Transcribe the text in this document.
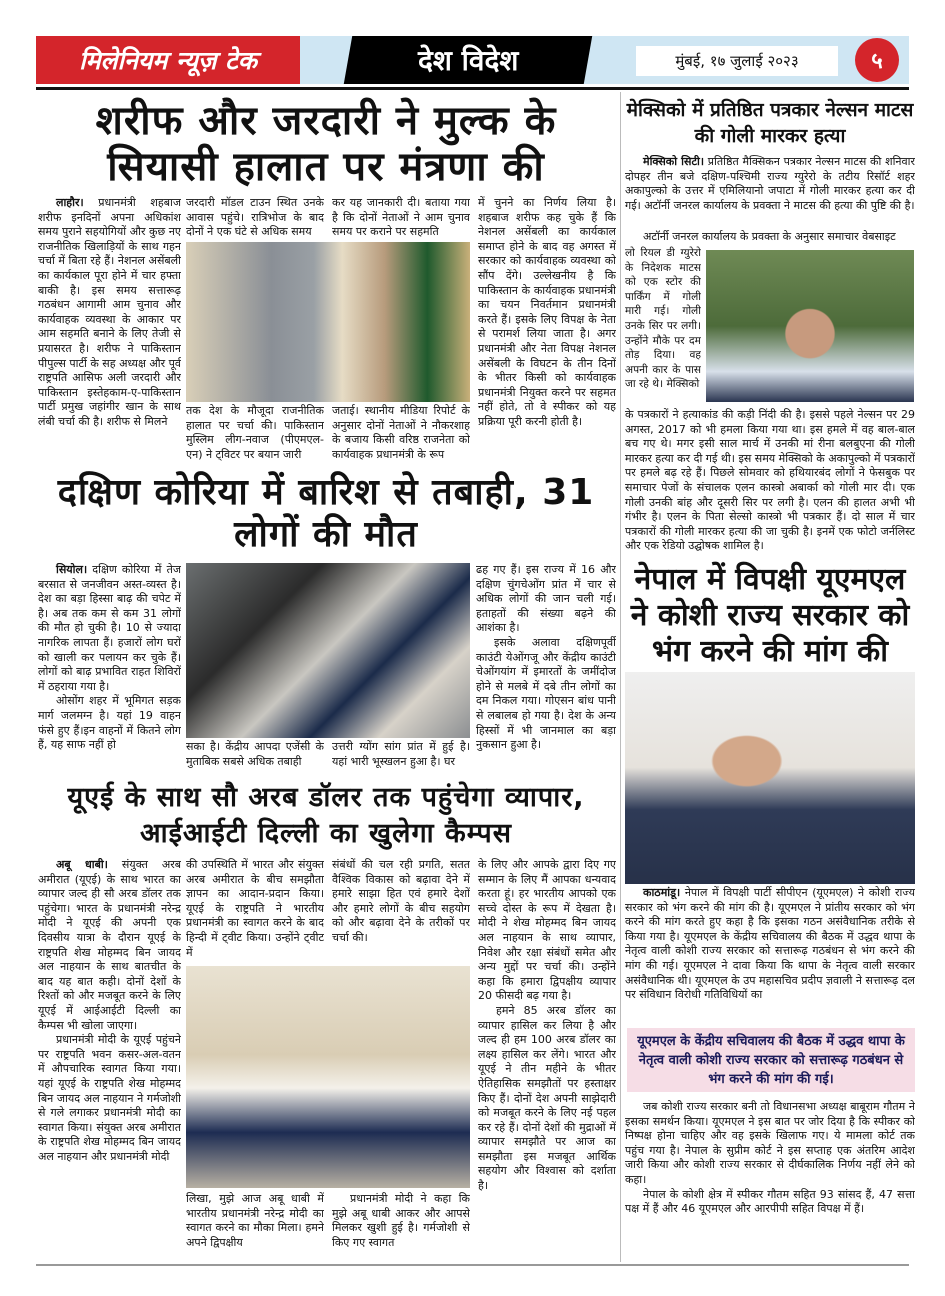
मिलेनियम न्यूज़ टेक	देश विदेश	मुंबई, १७ जुलाई २०२३	५
शरीफ और जरदारी ने मुल्क के सियासी हालात पर मंत्रणा की

लाहौर। प्रधानमंत्री शहबाज शरीफ इनदिनों अपना अधिकांश समय पुराने सहयोगियों और कुछ नए राजनीतिक खिलाड़ियों के साथ गहन चर्चा में बिता रहे हैं। नेशनल असेंबली का कार्यकाल पूरा होने में चार हफ्ता बाकी है। इस समय सत्तारूढ़ गठबंधन आगामी आम चुनाव और कार्यवाहक व्यवस्था के आकार पर आम सहमति बनाने के लिए तेजी से प्रयासरत है। शरीफ ने पाकिस्तान पीपुल्स पार्टी के सह अध्यक्ष और पूर्व राष्ट्रपति आसिफ अली जरदारी और पाकिस्तान इस्तेहकाम-ए-पाकिस्तान पार्टी प्रमुख जहांगीर खान के साथ लंबी चर्चा की है। शरीफ से मिलने

जरदारी मॉडल टाउन स्थित उनके आवास पहुंचे। रात्रिभोज के बाद दोनों ने एक घंटे से अधिक समय
कर यह जानकारी दी। बताया गया है कि दोनों नेताओं ने आम चुनाव समय पर कराने पर सहमति
तक देश के मौजूदा राजनीतिक हालात पर चर्चा की। पाकिस्तान मुस्लिम लीग-नवाज (पीएमएल-एन) ने ट्विटर पर बयान जारी
जताई। स्थानीय मीडिया रिपोर्ट के अनुसार दोनों नेताओं ने नौकरशाह के बजाय किसी वरिष्ठ राजनेता को कार्यवाहक प्रधानमंत्री के रूप
में चुनने का निर्णय लिया है। शहबाज शरीफ कह चुके हैं कि नेशनल असेंबली का कार्यकाल समाप्त होने के बाद वह अगस्त में सरकार को कार्यवाहक व्यवस्था को सौंप देंगे। उल्लेखनीय है कि पाकिस्तान के कार्यवाहक प्रधानमंत्री का चयन निवर्तमान प्रधानमंत्री करते हैं। इसके लिए विपक्ष के नेता से परामर्श लिया जाता है। अगर प्रधानमंत्री और नेता विपक्ष नेशनल असेंबली के विघटन के तीन दिनों के भीतर किसी को कार्यवाहक प्रधानमंत्री नियुक्त करने पर सहमत नहीं होते, तो वे स्पीकर को यह प्रक्रिया पूरी करनी होती है।
मेक्सिको में प्रतिष्ठित पत्रकार नेल्सन माटस की गोली मारकर हत्या

मेक्सिको सिटी। प्रतिष्ठित मैक्सिकन पत्रकार नेल्सन माटस की शनिवार दोपहर तीन बजे दक्षिण-पश्चिमी राज्य ग्युरेरो के तटीय रिसॉर्ट शहर अकापुल्को के उत्तर में एमिलियानो जपाटा में गोली मारकर हत्या कर दी गई। अटॉर्नी जनरल कार्यालय के प्रवक्ता ने माटस की हत्या की पुष्टि की है।

अटॉर्नी जनरल कार्यालय के प्रवक्ता के अनुसार समाचार वेबसाइट

लो रियल डी ग्युरेरो के निदेशक माटस को एक स्टोर की पार्किंग में गोली मारी गई। गोली उनके सिर पर लगी। उन्होंने मौके पर दम तोड़ दिया। वह अपनी कार के पास जा रहे थे। मेक्सिको
के पत्रकारों ने हत्याकांड की कड़ी निंदी की है। इससे पहले नेल्सन पर 29 अगस्त, 2017 को भी हमला किया गया था। इस हमले में वह बाल-बाल बच गए थे। मगर इसी साल मार्च में उनकी मां रीना बलबुएना की गोली मारकर हत्या कर दी गई थी। इस समय मेक्सिको के अकापुल्को में पत्रकारों पर हमले बढ़ रहे हैं। पिछले सोमवार को हथियारबंद लोगों ने फेसबुक पर समाचार पेजों के संचालक एलन कास्त्रो अबार्का को गोली मार दी। एक गोली उनकी बांह और दूसरी सिर पर लगी है। एलन की हालत अभी भी गंभीर है। एलन के पिता सेल्सो कास्त्रो भी पत्रकार हैं। दो साल में चार पत्रकारों की गोली मारकर हत्या की जा चुकी है। इनमें एक फोटो जर्नलिस्ट और एक रेडियो उद्घोषक शामिल है।
दक्षिण कोरिया में बारिश से तबाही, 31 लोगों की मौत

सियोल। दक्षिण कोरिया में तेज बरसात से जनजीवन अस्त-व्यस्त है। देश का बड़ा हिस्सा बाढ़ की चपेट में है। अब तक कम से कम 31 लोगों की मौत हो चुकी है। 10 से ज्यादा नागरिक लापता हैं। हजारों लोग घरों को खाली कर पलायन कर चुके हैं। लोगों को बाढ़ प्रभावित राहत शिविरों में ठहराया गया है।

ओसोंग शहर में भूमिगत सड़क मार्ग जलमग्न है। यहां 19 वाहन फंसे हुए हैं।इन वाहनों में कितने लोग हैं, यह साफ नहीं हो	सका है। केंद्रीय आपदा एजेंसी के मुताबिक सबसे अधिक तबाही
उत्तरी ग्योंग सांग प्रांत में हुई है। यहां भारी भूस्खलन हुआ है। घर
ढह गए हैं। इस राज्य में 16 और दक्षिण चुंगचेओंग प्रांत में चार से अधिक लोगों की जान चली गई। हताहतों की संख्या बढ़ने की आशंका है।

इसके अलावा दक्षिणपूर्वी काउंटी येओंगजू और केंद्रीय काउंटी चेओंगयांग में इमारतों के जमींदोज होने से मलबे में दबे तीन लोगों का दम निकल गया। गोएसन बांध पानी से लबालब हो गया है। देश के अन्य हिस्सों में भी जानमाल का बड़ा नुकसान हुआ है।

नेपाल में विपक्षी यूएमएल ने कोशी राज्य सरकार को भंग करने की मांग की

काठमांडू। नेपाल में विपक्षी पार्टी सीपीएन (यूएमएल) ने कोशी राज्य सरकार को भंग करने की मांग की है। यूएमएल ने प्रांतीय सरकार को भंग करने की मांग करते हुए कहा है कि इसका गठन असंवैधानिक तरीके से किया गया है। यूएमएल के केंद्रीय सचिवालय की बैठक में उद्धव थापा के नेतृत्व वाली कोशी राज्य सरकार को सत्तारूढ़ गठबंधन से भंग करने की मांग की गई। यूएमएल ने दावा किया कि थापा के नेतृत्व वाली सरकार असंवैधानिक थी। यूएमएल के उप महासचिव प्रदीप ज्ञवाली ने सत्तारूढ़ दल पर संविधान विरोधी गतिविधियों का

यूएमएल के केंद्रीय सचिवालय की बैठक में उद्धव थापा के नेतृत्व वाली कोशी राज्य सरकार को सत्तारूढ़ गठबंधन से भंग करने की मांग की गई।

जब कोशी राज्य सरकार बनी तो विधानसभा अध्यक्ष बाबूराम गौतम ने इसका समर्थन किया। यूएमएल ने इस बात पर जोर दिया है कि स्पीकर को निष्पक्ष होना चाहिए और वह इसके खिलाफ गए। ये मामला कोर्ट तक पहुंच गया है। नेपाल के सुप्रीम कोर्ट ने इस सप्ताह एक अंतरिम आदेश जारी किया और कोशी राज्य सरकार से दीर्घकालिक निर्णय नहीं लेने को कहा।

नेपाल के कोशी क्षेत्र में स्पीकर गौतम सहित 93 सांसद हैं, 47 सत्ता पक्ष में हैं और 46 यूएमएल और आरपीपी सहित विपक्ष में हैं।

यूएई के साथ सौ अरब डॉलर तक पहुंचेगा व्यापार, आईआईटी दिल्ली का खुलेगा कैम्पस

अबू धाबी। संयुक्त अरब अमीरात (यूएई) के साथ भारत का व्यापार जल्द ही सौ अरब डॉलर तक पहुंचेगा। भारत के प्रधानमंत्री नरेन्द्र मोदी ने यूएई की अपनी एक दिवसीय यात्रा के दौरान यूएई के राष्ट्रपति शेख मोहम्मद बिन जायद अल नाहयान के साथ बातचीत के बाद यह बात कही। दोनों देशों के रिश्तों को और मजबूत करने के लिए यूएई में आईआईटी दिल्ली का कैम्पस भी खोला जाएगा।

प्रधानमंत्री मोदी के यूएई पहुंचने पर राष्ट्रपति भवन कसर-अल-वतन में औपचारिक स्वागत किया गया। यहां यूएई के राष्ट्रपति शेख मोहम्मद बिन जायद अल नाहयान ने गर्मजोशी से गले लगाकर प्रधानमंत्री मोदी का स्वागत किया। संयुक्त अरब अमीरात के राष्ट्रपति शेख मोहम्मद बिन जायद अल नाहयान और प्रधानमंत्री मोदी

की उपस्थिति में भारत और संयुक्त अरब अमीरात के बीच समझौता ज्ञापन का आदान-प्रदान किया। यूएई के राष्ट्रपति ने भारतीय प्रधानमंत्री का स्वागत करने के बाद हिन्दी में ट्वीट किया। उन्होंने ट्वीट में
संबंधों की चल रही प्रगति, सतत वैश्विक विकास को बढ़ावा देने में हमारे साझा हित एवं हमारे देशों और हमारे लोगों के बीच सहयोग को और बढ़ावा देने के तरीकों पर चर्चा की।
लिखा, मुझे आज अबू धाबी में भारतीय प्रधानमंत्री नरेन्द्र मोदी का स्वागत करने का मौका मिला। हमने अपने द्विपक्षीय

प्रधानमंत्री मोदी ने कहा कि मुझे अबू धाबी आकर और आपसे मिलकर खुशी हुई है। गर्मजोशी से किए गए स्वागत

के लिए और आपके द्वारा दिए गए सम्मान के लिए मैं आपका धन्यवाद करता हूं। हर भारतीय आपको एक सच्चे दोस्त के रूप में देखता है। मोदी ने शेख मोहम्मद बिन जायद अल नाहयान के साथ व्यापार, निवेश और रक्षा संबंधों समेत और अन्य मुद्दों पर चर्चा की। उन्होंने कहा कि हमारा द्विपक्षीय व्यापार 20 फीसदी बढ़ गया है।

हमने 85 अरब डॉलर का व्यापार हासिल कर लिया है और जल्द ही हम 100 अरब डॉलर का लक्ष्य हासिल कर लेंगे। भारत और यूएई ने तीन महीने के भीतर ऐतिहासिक समझौतों पर हस्ताक्षर किए हैं। दोनों देश अपनी साझेदारी को मजबूत करने के लिए नई पहल कर रहे हैं। दोनों देशों की मुद्राओं में व्यापार समझौते पर आज का समझौता इस मजबूत आर्थिक सहयोग और विश्वास को दर्शाता है।
